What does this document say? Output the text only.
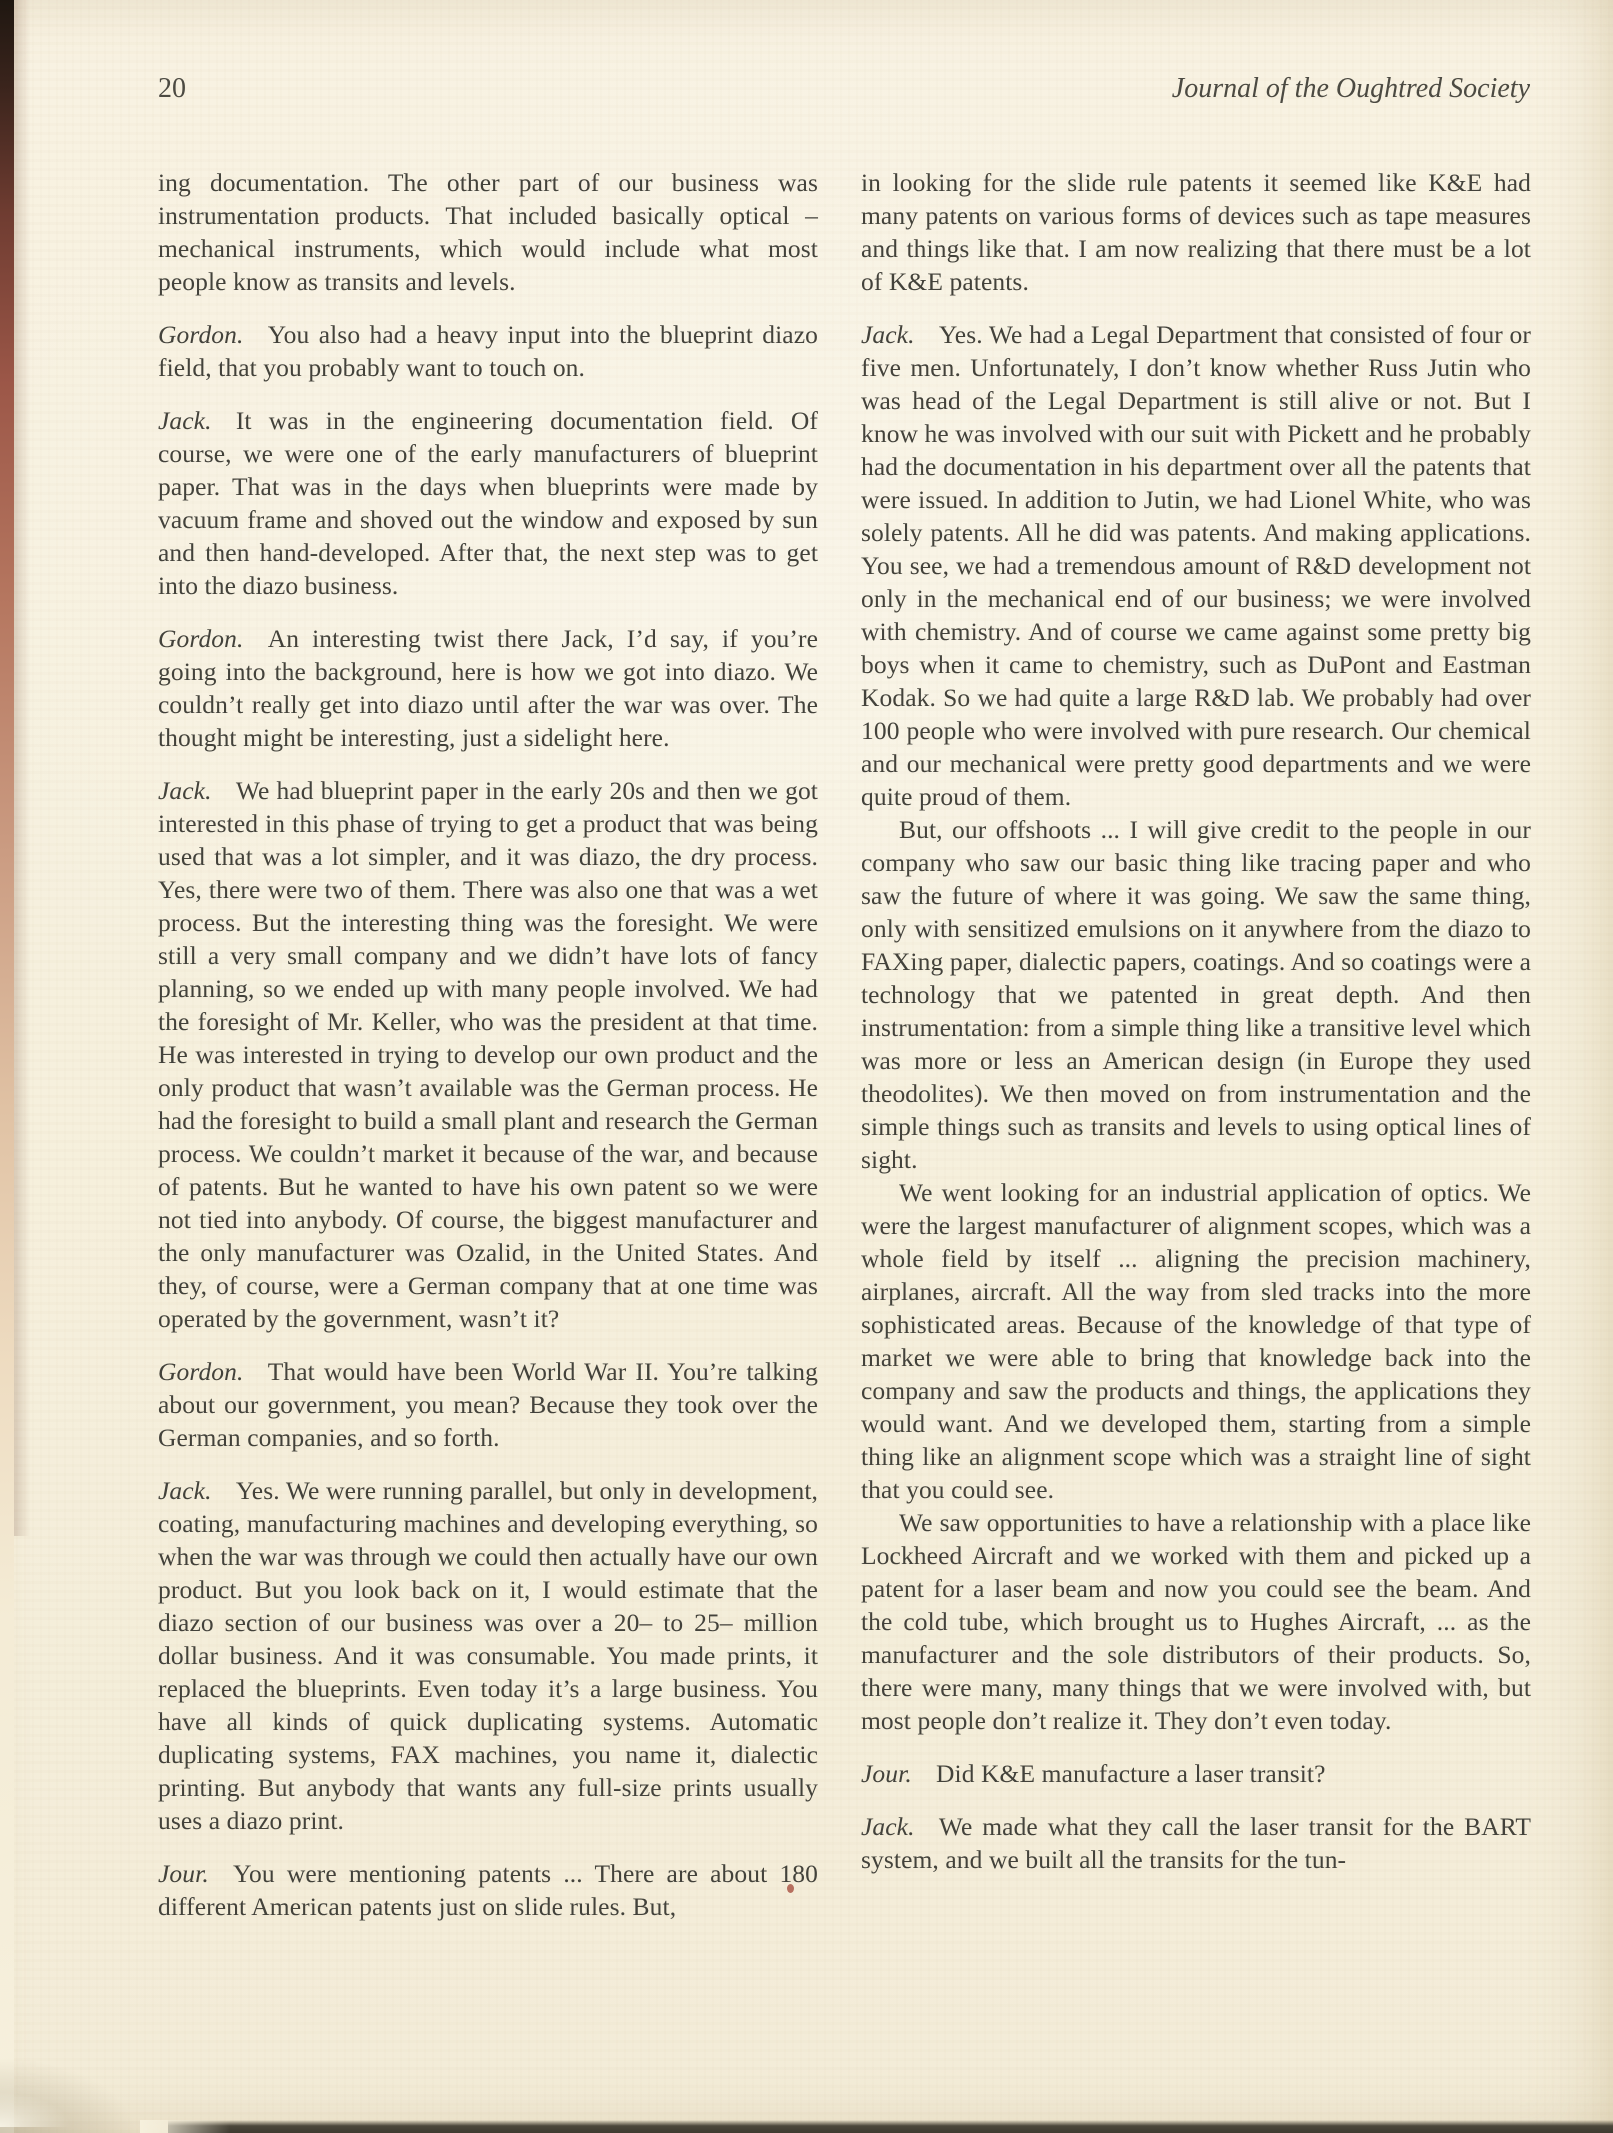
20	Journal of the Oughtred Society

ing documentation. The other part of our business was instrumentation products. That included basically optical – mechanical instruments, which would include what most people know as transits and levels.

Gordon. You also had a heavy input into the blueprint diazo field, that you probably want to touch on.

Jack. It was in the engineering documentation field. Of course, we were one of the early manufacturers of blueprint paper. That was in the days when blueprints were made by vacuum frame and shoved out the window and exposed by sun and then hand-developed. After that, the next step was to get into the diazo business.

Gordon. An interesting twist there Jack, I’d say, if you’re going into the background, here is how we got into diazo. We couldn’t really get into diazo until after the war was over. The thought might be interesting, just a sidelight here.

Jack. We had blueprint paper in the early 20s and then we got interested in this phase of trying to get a product that was being used that was a lot simpler, and it was diazo, the dry process. Yes, there were two of them. There was also one that was a wet process. But the interesting thing was the foresight. We were still a very small company and we didn’t have lots of fancy planning, so we ended up with many people involved. We had the foresight of Mr. Keller, who was the president at that time. He was interested in trying to develop our own product and the only product that wasn’t available was the German process. He had the foresight to build a small plant and research the German process. We couldn’t market it because of the war, and because of patents. But he wanted to have his own patent so we were not tied into anybody. Of course, the biggest manufacturer and the only manufacturer was Ozalid, in the United States. And they, of course, were a German company that at one time was operated by the government, wasn’t it?

Gordon. That would have been World War II. You’re talking about our government, you mean? Because they took over the German companies, and so forth.

Jack. Yes. We were running parallel, but only in development, coating, manufacturing machines and developing everything, so when the war was through we could then actually have our own product. But you look back on it, I would estimate that the diazo section of our business was over a 20– to 25– million dollar business. And it was consumable. You made prints, it replaced the blueprints. Even today it’s a large business. You have all kinds of quick duplicating systems. Automatic duplicating systems, FAX machines, you name it, dialectic printing. But anybody that wants any full-size prints usually uses a diazo print.

Jour. You were mentioning patents ... There are about 180 different American patents just on slide rules. But,

in looking for the slide rule patents it seemed like K&E had many patents on various forms of devices such as tape measures and things like that. I am now realizing that there must be a lot of K&E patents.

Jack. Yes. We had a Legal Department that consisted of four or five men. Unfortunately, I don’t know whether Russ Jutin who was head of the Legal Department is still alive or not. But I know he was involved with our suit with Pickett and he probably had the documentation in his department over all the patents that were issued. In addition to Jutin, we had Lionel White, who was solely patents. All he did was patents. And making applications. You see, we had a tremendous amount of R&D development not only in the mechanical end of our business; we were involved with chemistry. And of course we came against some pretty big boys when it came to chemistry, such as DuPont and Eastman Kodak. So we had quite a large R&D lab. We probably had over 100 people who were involved with pure research. Our chemical and our mechanical were pretty good departments and we were quite proud of them.

But, our offshoots ... I will give credit to the people in our company who saw our basic thing like tracing paper and who saw the future of where it was going. We saw the same thing, only with sensitized emulsions on it anywhere from the diazo to FAXing paper, dialectic papers, coatings. And so coatings were a technology that we patented in great depth. And then instrumentation: from a simple thing like a transitive level which was more or less an American design (in Europe they used theodolites). We then moved on from instrumentation and the simple things such as transits and levels to using optical lines of sight.

We went looking for an industrial application of optics. We were the largest manufacturer of alignment scopes, which was a whole field by itself ... aligning the precision machinery, airplanes, aircraft. All the way from sled tracks into the more sophisticated areas. Because of the knowledge of that type of market we were able to bring that knowledge back into the company and saw the products and things, the applications they would want. And we developed them, starting from a simple thing like an alignment scope which was a straight line of sight that you could see.

We saw opportunities to have a relationship with a place like Lockheed Aircraft and we worked with them and picked up a patent for a laser beam and now you could see the beam. And the cold tube, which brought us to Hughes Aircraft, ... as the manufacturer and the sole distributors of their products. So, there were many, many things that we were involved with, but most people don’t realize it. They don’t even today.

Jour. Did K&E manufacture a laser transit?

Jack. We made what they call the laser transit for the BART system, and we built all the transits for the tun-
